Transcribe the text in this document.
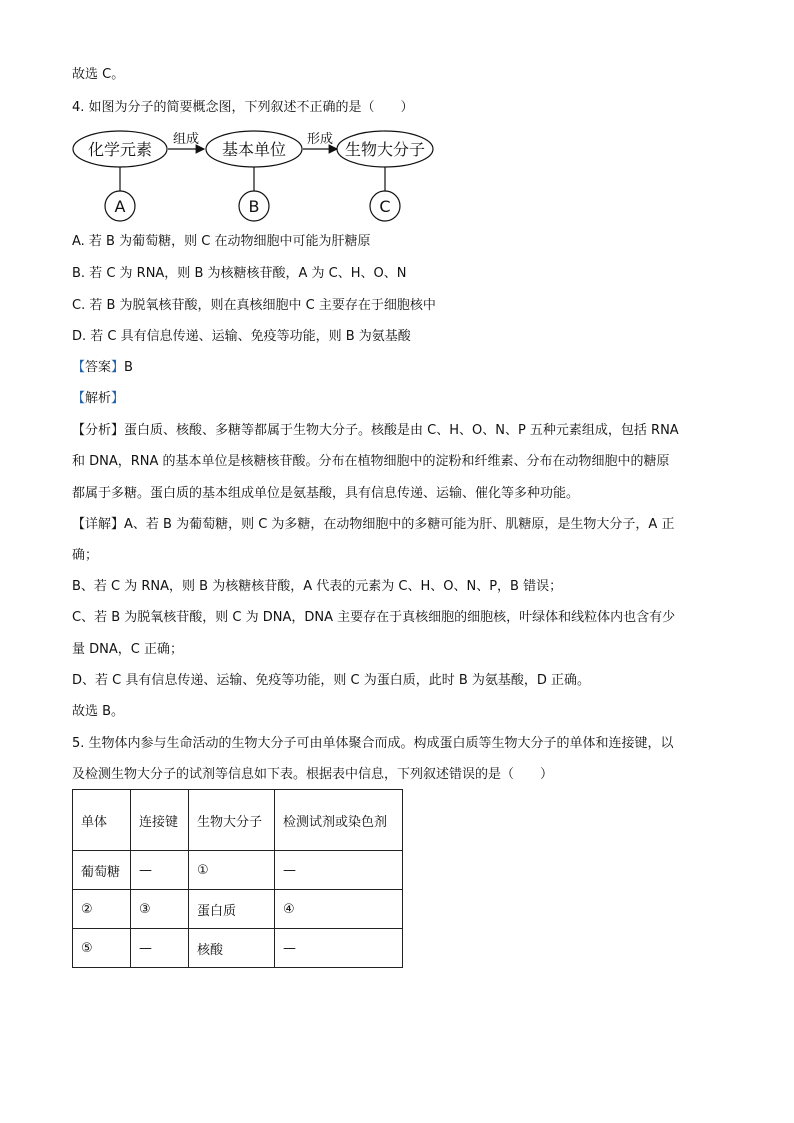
故选 C。
4. 如图为分子的简要概念图，下列叙述不正确的是（　　）
化学元素
组成
基本单位
形成
生物大分子
A	B	C
A. 若 B 为葡萄糖，则 C 在动物细胞中可能为肝糖原
B. 若 C 为 RNA，则 B 为核糖核苷酸，A 为 C、H、O、N
C. 若 B 为脱氧核苷酸，则在真核细胞中 C 主要存在于细胞核中
D. 若 C 具有信息传递、运输、免疫等功能，则 B 为氨基酸
【答案】B
【解析】
【分析】蛋白质、核酸、多糖等都属于生物大分子。核酸是由 C、H、O、N、P 五种元素组成，包括 RNA
和 DNA，RNA 的基本单位是核糖核苷酸。分布在植物细胞中的淀粉和纤维素、分布在动物细胞中的糖原
都属于多糖。蛋白质的基本组成单位是氨基酸，具有信息传递、运输、催化等多种功能。
【详解】A、若 B 为葡萄糖，则 C 为多糖，在动物细胞中的多糖可能为肝、肌糖原，是生物大分子，A 正
确；
B、若 C 为 RNA，则 B 为核糖核苷酸，A 代表的元素为 C、H、O、N、P，B 错误；
C、若 B 为脱氧核苷酸，则 C 为 DNA，DNA 主要存在于真核细胞的细胞核，叶绿体和线粒体内也含有少
量 DNA，C 正确；
D、若 C 具有信息传递、运输、免疫等功能，则 C 为蛋白质，此时 B 为氨基酸，D 正确。
故选 B。
5. 生物体内参与生命活动的生物大分子可由单体聚合而成。构成蛋白质等生物大分子的单体和连接键，以
及检测生物大分子的试剂等信息如下表。根据表中信息，下列叙述错误的是（　　）
单体	连接键	生物大分子	检测试剂或染色剂
葡萄糖	—	①	—
②	③	蛋白质	④
⑤	—	核酸	—
